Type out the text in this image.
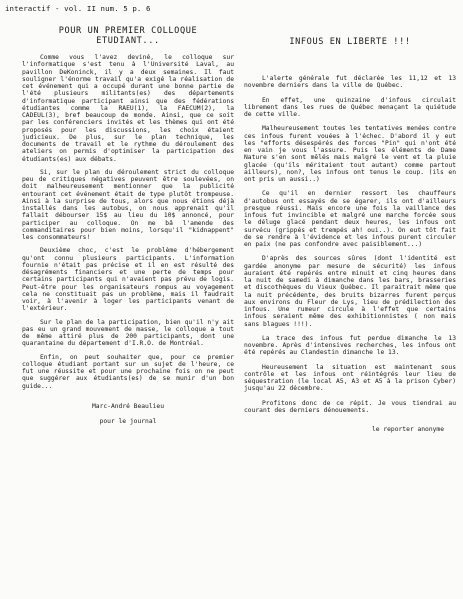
interactif - vol. II num. 5 p. 6
POUR UN PREMIER COLLOQUE
ETUDIANT...

Comme vous l'avez deviné, le colloque sur l'informatique s'est tenu à l'Université Laval, au pavillon DeKoninck, il y a deux semaines. Il faut souligner l'énorme travail qu'a exigé la réalisation de cet événement qui a occupé durant une bonne partie de l'été plusieurs militants(es) des départements d'informatique participant ainsi que des fédérations étudiantes comme la RAEU(1), la FAECUM(2), la CADEUL(3), bref beaucoup de monde. Ainsi, que ce soit par les conférenciers invités et les thèmes qui ont été proposés pour les discussions, les choix étaient judicieux. De plus, sur le plan technique, les documents de travail et le rythme du déroulement des ateliers on permis d'optimiser la participation des étudiants(es) aux débats.

Si, sur le plan du déroulement strict du colloque peu de critiques négatives peuvent être soulevées, on doit malheureusement mentionner que la publicité entourant cet événement était de type plutôt trompeuse. Ainsi à la surprise de tous, alors que nous étions déjà installés dans les autobus, on nous apprenait qu'il fallait débourser 15$ au lieu du 10$ annoncé, pour participer au colloque. On me bâ l'amende des commanditaires pour bien moins, lorsqu'il "kidnappent" les consommateurs!

Deuxième choc, c'est le problème d'hébergement qu'ont connu plusieurs participants. L'information fournie n'était pas précise et il en est résulté des désagréments financiers et une perte de temps pour certains participants qui n'avaient pas prévu de logis. Peut-être pour les organisateurs rompus au voyagement cela ne constituait pas un problème, mais il faudrait voir, à l'avenir à loger les participants venant de l'extérieur.

Sur le plan de la participation, bien qu'il n'y ait pas eu un grand mouvement de masse, le colloque a tout de même attiré plus de 200 participants, dont une quarantaine du département d'I.R.O. de Montréal.

Enfin, on peut souhaiter que, pour ce premier colloque étudiant portant sur un sujet de l'heure, ce fut une réussite et pour une prochaine fois on ne peut que suggérer aux étudiants(es) de se munir d'un bon guide...

Marc-André Beaulieu

pour le journal

INFOUS EN LIBERTE !!!

L'alerte générale fut déclarée les 11,12 et 13 novembre derniers dans la ville de Québec.

En effet, une quinzaine d'infous circulait librement dans les rues de Québec menaçant la quiétude de cette ville.

Malheureusement toutes les tentatives menées contre ces infous furent vouées à l'échec. D'abord il y eut les "efforts désespérés des forces "Pin" qui n'ont été en vain je vous l'assure. Puis les éléments de Dame Nature s'en sont mêlés mais malgré le vent et la pluie glacée (qu'ils méritaient tout autant) comme partout ailleurs), non?, les infous ont tenus le coup. (ils en ont pris un aussi..)

Ce qu'il en dernier ressort les chauffeurs d'autobus ont essayés de se égarer, ils ont d'ailleurs presque réussi. Mais encore une fois la vaillance des infous fut invincible et malgré une marche forcée sous le déluge glacé pendant deux heures, les infous ont survécu (grippés et trempés ah! oui..). On eut tôt fait de se rendre à l'évidence et les infous purent circuler en paix (ne pas confondre avec paisiblement...)

D'après des sources sûres (dont l'identité est gardée anonyme par mesure de sécurité) les infous auraient été repérés entre minuit et cinq heures dans la nuit de samedi à dimanche dans les bars, brasseries et discothèques du Vieux Québec. Il paraitrait même que la nuit précédente, des bruits bizarres furent perçus aux environs du Fleur de Lys, lieu de prédilection des infous. Une rumeur circule à l'effet que certains infous seraient même des exhibitionnistes ( non mais sans blagues !!!).

La trace des infous fut perdue dimanche le 13 novembre. Après d'intensives recherches, les infous ont été repérés au Clandestin dimanche le 13.

Heureusement la situation est maintenant sous contrôle et les infous ont réintégrés leur lieu de séquestration (le local A5, A3 et A5 à la prison Cyber) jusqu'au 22 décembre.

Profitons donc de ce répit. Je vous tiendrai au courant des derniers dénouements.

le reporter anonyme
